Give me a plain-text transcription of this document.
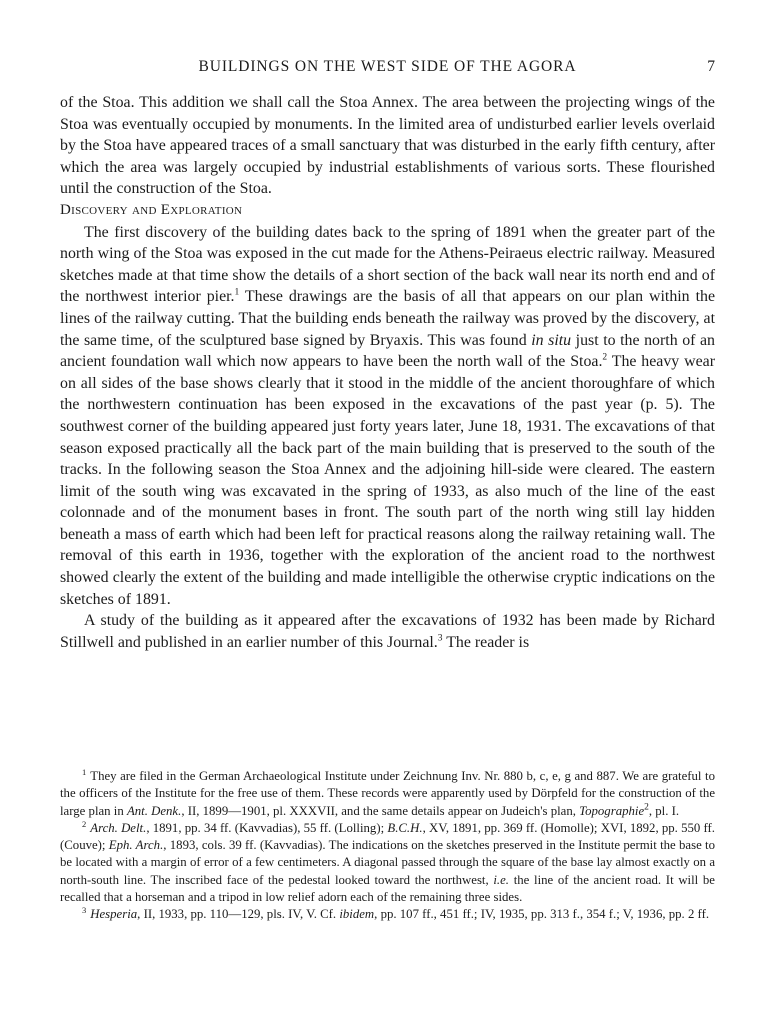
BUILDINGS ON THE WEST SIDE OF THE AGORA	7

of the Stoa. This addition we shall call the Stoa Annex. The area between the projecting wings of the Stoa was eventually occupied by monuments. In the limited area of undisturbed earlier levels overlaid by the Stoa have appeared traces of a small sanctuary that was disturbed in the early fifth century, after which the area was largely occupied by industrial establishments of various sorts. These flourished until the construction of the Stoa.

Discovery and Exploration

The first discovery of the building dates back to the spring of 1891 when the greater part of the north wing of the Stoa was exposed in the cut made for the Athens-Peiraeus electric railway. Measured sketches made at that time show the details of a short section of the back wall near its north end and of the northwest interior pier.$^1$ These drawings are the basis of all that appears on our plan within the lines of the railway cutting. That the building ends beneath the railway was proved by the discovery, at the same time, of the sculptured base signed by Bryaxis. This was found in situ just to the north of an ancient foundation wall which now appears to have been the north wall of the Stoa.$^2$ The heavy wear on all sides of the base shows clearly that it stood in the middle of the ancient thoroughfare of which the northwestern continuation has been exposed in the excavations of the past year (p. 5). The southwest corner of the building appeared just forty years later, June 18, 1931. The excavations of that season exposed practically all the back part of the main building that is preserved to the south of the tracks. In the following season the Stoa Annex and the adjoining hill-side were cleared. The eastern limit of the south wing was excavated in the spring of 1933, as also much of the line of the east colonnade and of the monument bases in front. The south part of the north wing still lay hidden beneath a mass of earth which had been left for practical reasons along the railway retaining wall. The removal of this earth in 1936, together with the exploration of the ancient road to the northwest showed clearly the extent of the building and made intelligible the otherwise cryptic indications on the sketches of 1891.

A study of the building as it appeared after the excavations of 1932 has been made by Richard Stillwell and published in an earlier number of this Journal.$^3$ The reader is

$^1$ They are filed in the German Archaeological Institute under Zeichnung Inv. Nr. 880 b, c, e, g and 887. We are grateful to the officers of the Institute for the free use of them. These records were apparently used by Dörpfeld for the construction of the large plan in Ant. Denk., II, 1899—1901, pl. XXXVII, and the same details appear on Judeich's plan, Topographie$^2$, pl. I.

$^2$ Arch. Delt., 1891, pp. 34 ff. (Kavvadias), 55 ff. (Lolling); B.C.H., XV, 1891, pp. 369 ff. (Homolle); XVI, 1892, pp. 550 ff. (Couve); Eph. Arch., 1893, cols. 39 ff. (Kavvadias). The indications on the sketches preserved in the Institute permit the base to be located with a margin of error of a few centimeters. A diagonal passed through the square of the base lay almost exactly on a north-south line. The inscribed face of the pedestal looked toward the northwest, i.e. the line of the ancient road. It will be recalled that a horseman and a tripod in low relief adorn each of the remaining three sides.

$^3$ Hesperia, II, 1933, pp. 110—129, pls. IV, V. Cf. ibidem, pp. 107 ff., 451 ff.; IV, 1935, pp. 313 f., 354 f.; V, 1936, pp. 2 ff.
